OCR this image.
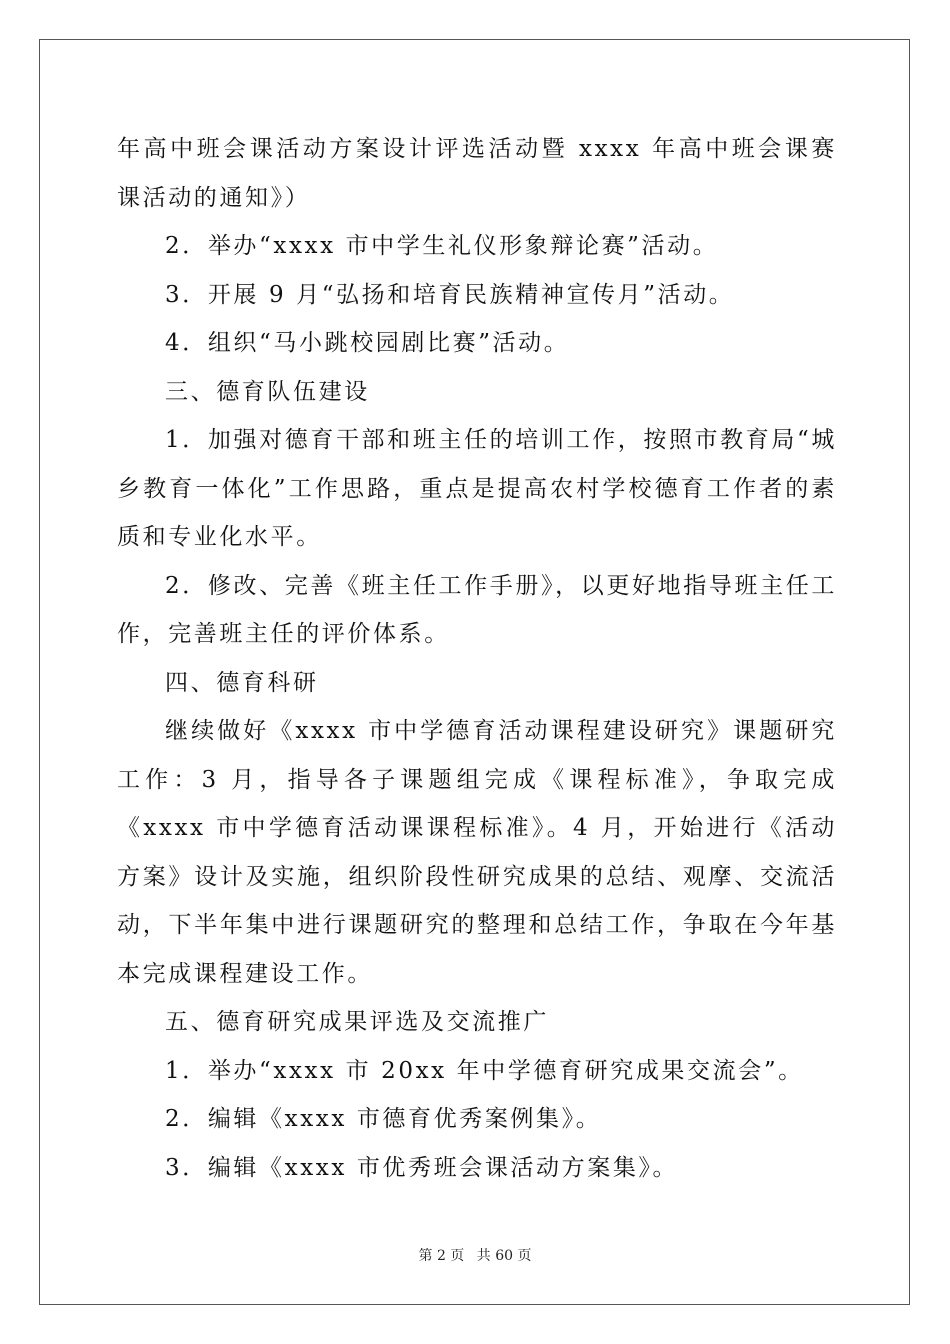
年高中班会课活动方案设计评选活动暨 xxxx 年高中班会课赛课活动的通知》）

2．举办“xxxx 市中学生礼仪形象辩论赛”活动。

3．开展 9 月“弘扬和培育民族精神宣传月”活动。

4．组织“马小跳校园剧比赛”活动。

三、德育队伍建设

1．加强对德育干部和班主任的培训工作，按照市教育局“城乡教育一体化”工作思路，重点是提高农村学校德育工作者的素质和专业化水平。

2．修改、完善《班主任工作手册》，以更好地指导班主任工作，完善班主任的评价体系。

四、德育科研

继续做好《xxxx 市中学德育活动课程建设研究》课题研究工作：3 月，指导各子课题组完成《课程标准》，争取完成《xxxx 市中学德育活动课课程标准》。4 月，开始进行《活动方案》设计及实施，组织阶段性研究成果的总结、观摩、交流活动，下半年集中进行课题研究的整理和总结工作，争取在今年基本完成课程建设工作。

五、德育研究成果评选及交流推广

1．举办“xxxx 市 20xx 年中学德育研究成果交流会”。

2．编辑《xxxx 市德育优秀案例集》。

3．编辑《xxxx 市优秀班会课活动方案集》。

第 2 页 共 60 页
